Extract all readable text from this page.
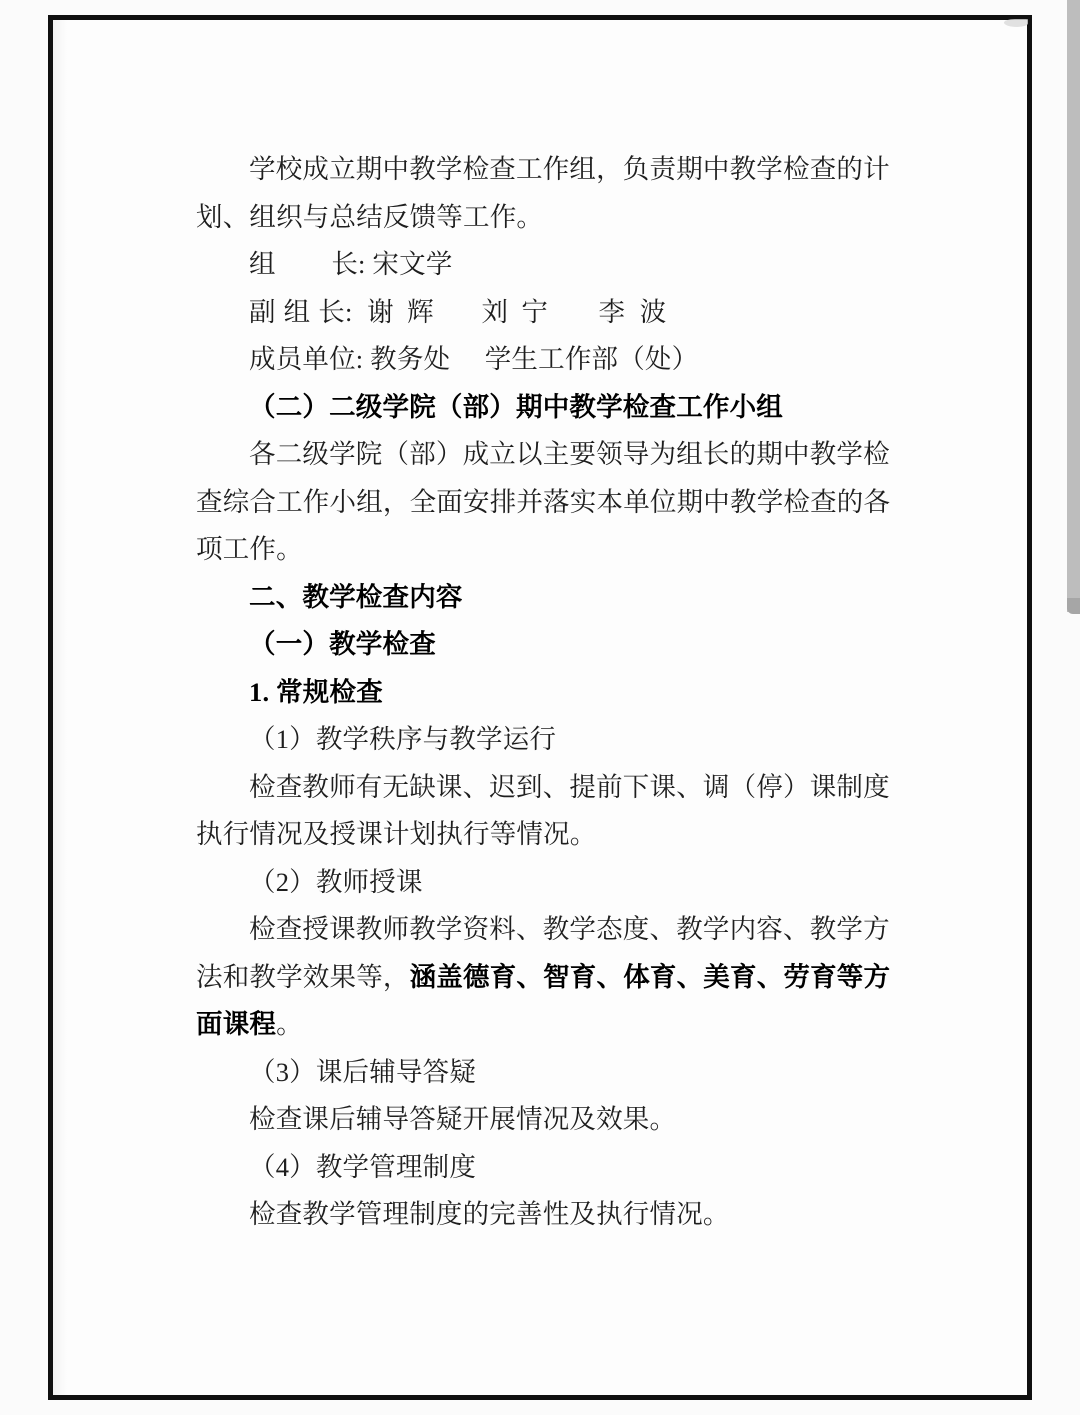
学校成立期中教学检查工作组，负责期中教学检查的计
划、组织与总结反馈等工作。
组 长: 宋文学
副 组 长: 谢 辉 刘 宁 李 波
成员单位: 教务处 学生工作部（处）
（二）二级学院（部）期中教学检查工作小组
各二级学院（部）成立以主要领导为组长的期中教学检
查综合工作小组，全面安排并落实本单位期中教学检查的各
项工作。
二、教学检查内容
（一）教学检查
1. 常规检查
（1）教学秩序与教学运行
检查教师有无缺课、迟到、提前下课、调（停）课制度
执行情况及授课计划执行等情况。
（2）教师授课
检查授课教师教学资料、教学态度、教学内容、教学方
法和教学效果等，涵盖德育、智育、体育、美育、劳育等方
面课程。
（3）课后辅导答疑
检查课后辅导答疑开展情况及效果。
（4）教学管理制度
检查教学管理制度的完善性及执行情况。
